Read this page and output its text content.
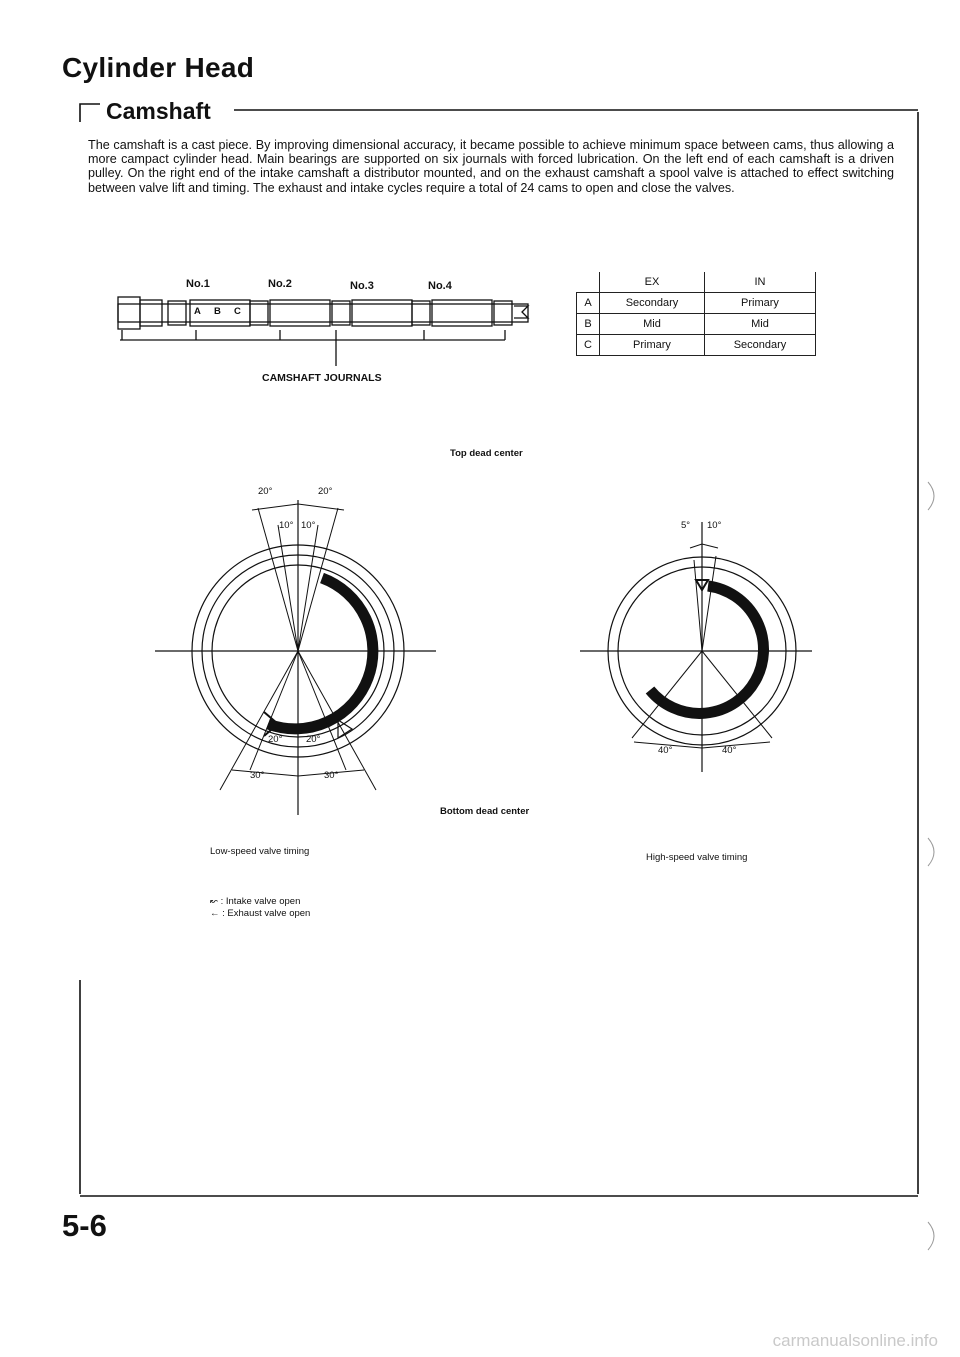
Cylinder Head
Camshaft
The camshaft is a cast piece. By improving dimensional accuracy, it became possible to achieve minimum space between cams, thus allowing a more campact cylinder head. Main bearings are supported on six journals with forced lubrication. On the left end of each camshaft is a driven pulley. On the right end of the intake camshaft a distributor mounted, and on the exhaust camshaft a spool valve is attached to effect switching between valve lift and timing. The exhaust and intake cycles require a total of 24 cams to open and close the valves.
No.1	No.2	No.3	No.4
A B C
CAMSHAFT JOURNALS
	EX	IN
A	Secondary	Primary
B	Mid	Mid
C	Primary	Secondary
Top dead center
Bottom dead center
20°	20°
10° 10°
20° 20°
30°	30°
5° 10°
40°	40°
Low-speed valve timing
High-speed valve timing
↜ : Intake valve open
← : Exhaust valve open
5-6
carmanualsonline.info
